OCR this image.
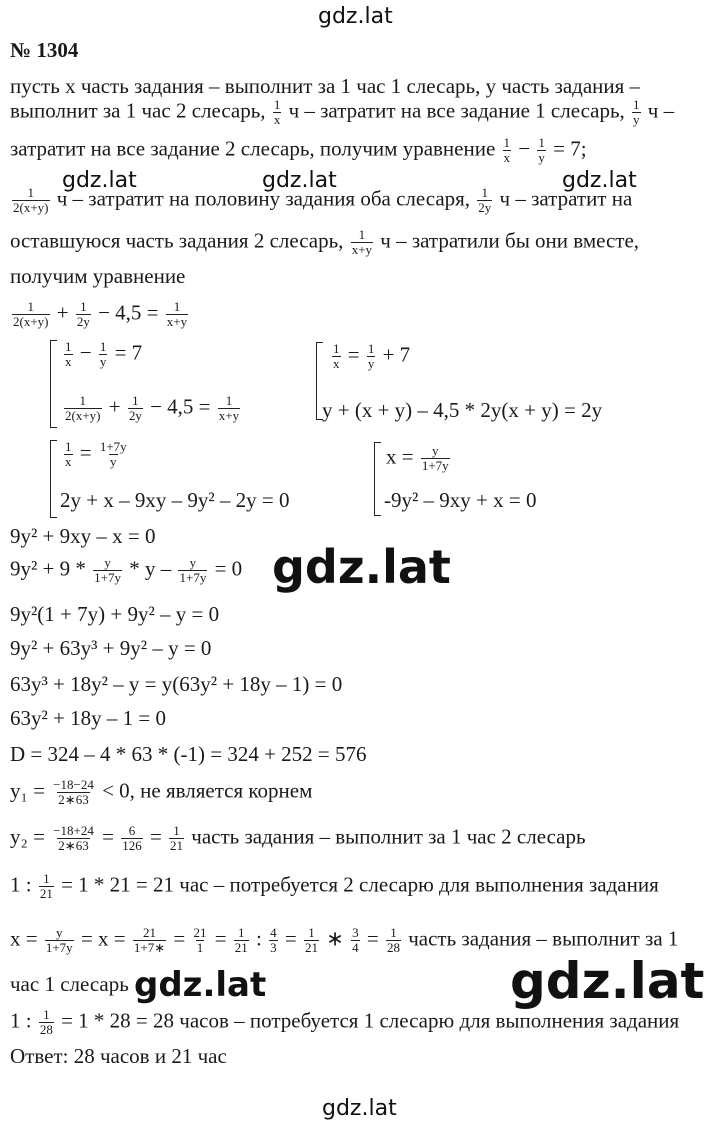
gdz.lat
gdz.lat	gdz.lat	gdz.lat
gdz.lat
gdz.lat	gdz.lat
gdz.lat
№ 1304
пусть x часть задания – выполнит за 1 час 1 слесарь, y часть задания –
выполнит за 1 час 2 слесарь, $\frac{1}{x}$ ч – затратит на все задание 1 слесарь, $\frac{1}{y}$ ч –
затратит на все задание 2 слесарь, получим уравнение $\frac{1}{x} - \frac{1}{y} = 7$;
$\frac{1}{2(x+y)}$ ч – затратит на половину задания оба слесаря, $\frac{1}{2y}$ ч – затратит на
оставшуюся часть задания 2 слесарь, $\frac{1}{x+y}$ ч – затратили бы они вместе,
получим уравнение
$\frac{1}{2(x+y)} + \frac{1}{2y} - 4,5 = \frac{1}{x+y}$
$\frac{1}{x} - \frac{1}{y} = 7$
$\frac{1}{2(x+y)} + \frac{1}{2y} - 4,5 = \frac{1}{x+y}$
$\frac{1}{x} = \frac{1}{y} + 7$
y + (x + y) – 4,5 * 2y(x + y) = 2y
$\frac{1}{x} = \frac{1+7y}{y}$
2y + x – 9xy – 9y² – 2y = 0
$x = \frac{y}{1+7y}$
-9y² – 9xy + x = 0
9y² + 9xy – x = 0
$9y^2 + 9 * \frac{y}{1+7y} * y - \frac{y}{1+7y} = 0$
9y²(1 + 7y) + 9y² – y = 0
9y² + 63y³ + 9y² – y = 0
63y³ + 18y² – y = y(63y² + 18y – 1) = 0
63y² + 18y – 1 = 0
D = 324 – 4 * 63 * (-1) = 324 + 252 = 576
$y_1 = \frac{-18-24}{2∗63} < 0$, не является корнем
$y_2 = \frac{-18+24}{2∗63} = \frac{6}{126} = \frac{1}{21}$ часть задания – выполнит за 1 час 2 слесарь
1 : $\frac{1}{21} = 1 * 21 = 21$ час – потребуется 2 слесарю для выполнения задания
$x = \frac{y}{1+7y} = x = \frac{21}{1+7∗} = \frac{21}{1} = \frac{1}{21}$ : $\frac{4}{3} = \frac{1}{21}$ ∗ $\frac{3}{4} = \frac{1}{28}$ часть задания – выполнит за 1
час 1 слесарь
1 : $\frac{1}{28} = 1 * 28 = 28$ часов – потребуется 1 слесарю для выполнения задания
Ответ: 28 часов и 21 час
